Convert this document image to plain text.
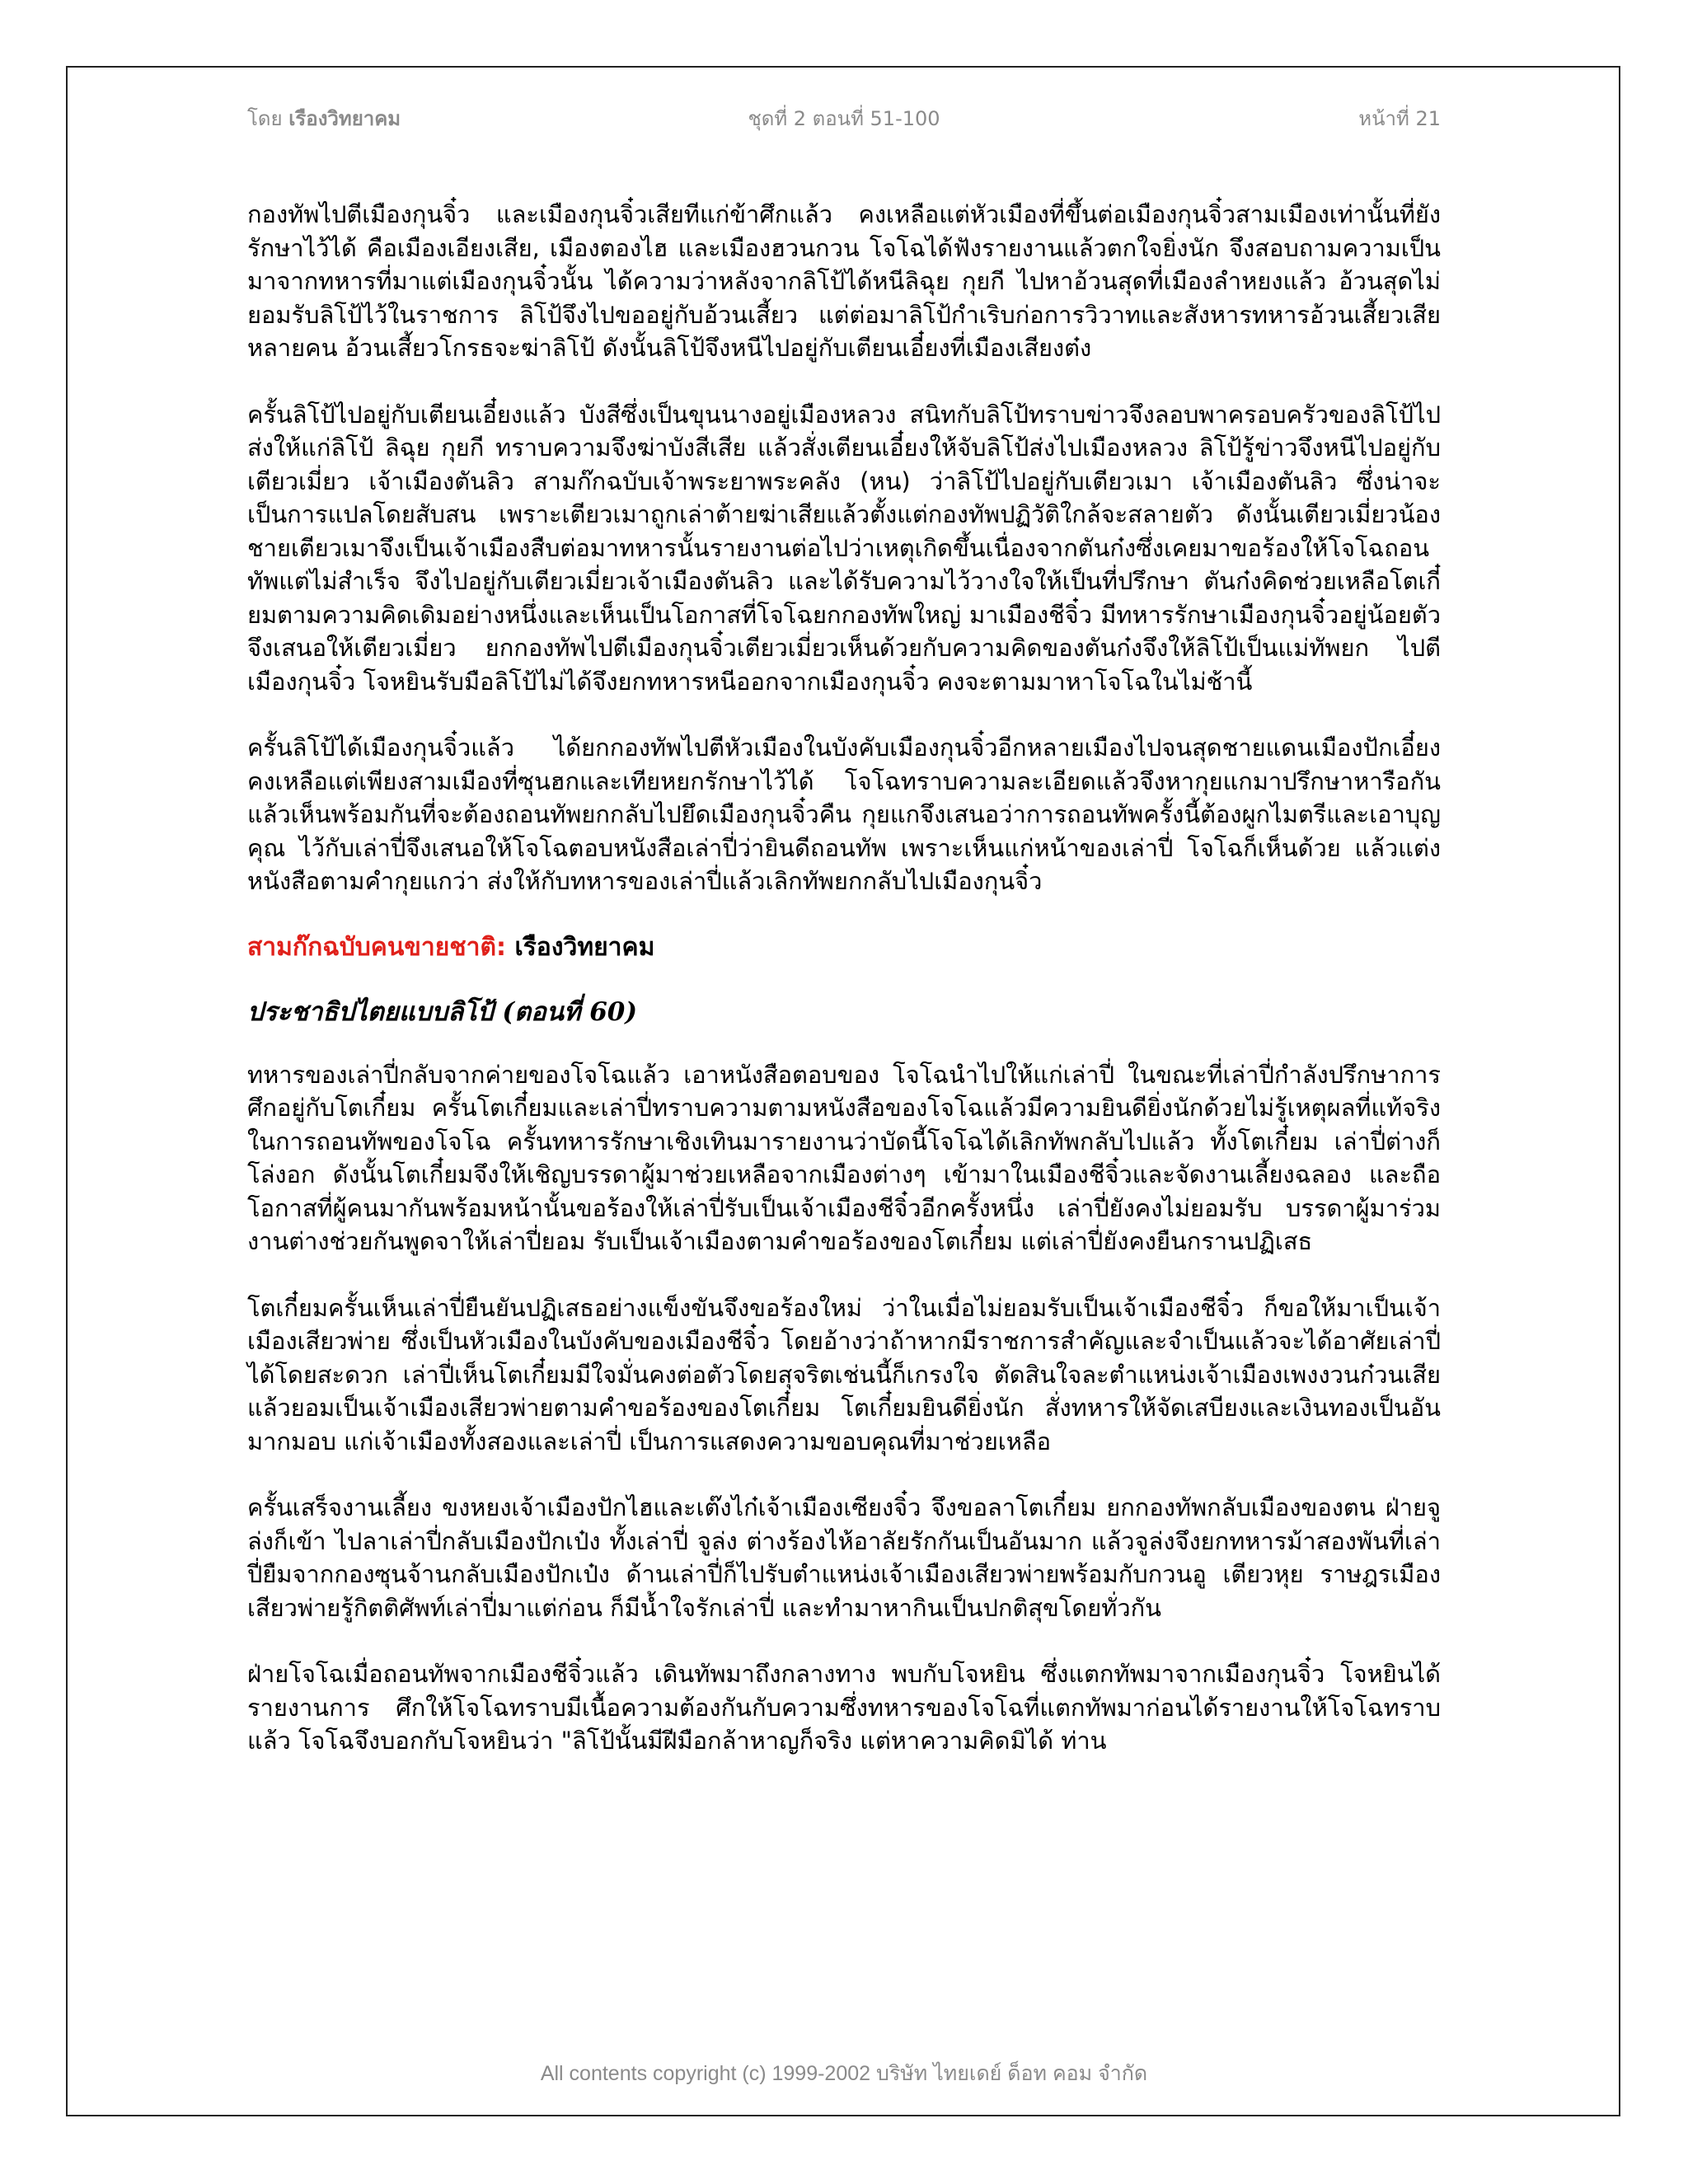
โดย เรืองวิทยาคม	ชุดที่ 2 ตอนที่ 51-100	หน้าที่ 21

กองทัพไปตีเมืองกุนจิ๋ว และเมืองกุนจิ๋วเสียทีแก่ข้าศึกแล้ว คงเหลือแต่หัวเมืองที่ขึ้นต่อเมืองกุนจิ๋วสามเมืองเท่านั้นที่ยังรักษาไว้ได้ คือเมืองเอียงเสีย, เมืองตองไฮ และเมืองฮวนกวน โจโฉได้ฟังรายงานแล้วตกใจยิ่งนัก จึงสอบถามความเป็นมาจากทหารที่มาแต่เมืองกุนจิ๋วนั้น ได้ความว่าหลังจากลิโป้ได้หนีลิฉุย กุยกี ไปหาอ้วนสุดที่เมืองลำหยงแล้ว อ้วนสุดไม่ยอมรับลิโป้ไว้ในราชการ ลิโป้จึงไปขออยู่กับอ้วนเสี้ยว แต่ต่อมาลิโป้กำเริบก่อการวิวาทและสังหารทหารอ้วนเสี้ยวเสียหลายคน อ้วนเสี้ยวโกรธจะฆ่าลิโป้ ดังนั้นลิโป้จึงหนีไปอยู่กับเตียนเอี๋ยงที่เมืองเสียงต๋ง

ครั้นลิโป้ไปอยู่กับเตียนเอี๋ยงแล้ว บังสีซึ่งเป็นขุนนางอยู่เมืองหลวง สนิทกับลิโป้ทราบข่าวจึงลอบพาครอบครัวของลิโป้ไปส่งให้แก่ลิโป้ ลิฉุย กุยกี ทราบความจึงฆ่าบังสีเสีย แล้วสั่งเตียนเอี๋ยงให้จับลิโป้ส่งไปเมืองหลวง ลิโป้รู้ข่าวจึงหนีไปอยู่กับเตียวเมี่ยว เจ้าเมืองตันลิว สามก๊กฉบับเจ้าพระยาพระคลัง (หน) ว่าลิโป้ไปอยู่กับเตียวเมา เจ้าเมืองตันลิว ซึ่งน่าจะเป็นการแปลโดยสับสน เพราะเตียวเมาถูกเล่าต้ายฆ่าเสียแล้วตั้งแต่กองทัพปฏิวัติใกล้จะสลายตัว ดังนั้นเตียวเมี่ยวน้องชายเตียวเมาจึงเป็นเจ้าเมืองสืบต่อมาทหารนั้นรายงานต่อไปว่าเหตุเกิดขึ้นเนื่องจากตันก๋งซึ่งเคยมาขอร้องให้โจโฉถอนทัพแต่ไม่สำเร็จ จึงไปอยู่กับเตียวเมี่ยวเจ้าเมืองตันลิว และได้รับความไว้วางใจให้เป็นที่ปรึกษา ตันก๋งคิดช่วยเหลือโตเกี๋ยมตามความคิดเดิมอย่างหนึ่งและเห็นเป็นโอกาสที่โจโฉยกกองทัพใหญ่ มาเมืองชีจิ๋ว มีทหารรักษาเมืองกุนจิ๋วอยู่น้อยตัว จึงเสนอให้เตียวเมี่ยว ยกกองทัพไปตีเมืองกุนจิ๋วเตียวเมี่ยวเห็นด้วยกับความคิดของตันก๋งจึงให้ลิโป้เป็นแม่ทัพยก ไปตีเมืองกุนจิ๋ว โจหยินรับมือลิโป้ไม่ได้จึงยกทหารหนีออกจากเมืองกุนจิ๋ว คงจะตามมาหาโจโฉในไม่ช้านี้

ครั้นลิโป้ได้เมืองกุนจิ๋วแล้ว ได้ยกกองทัพไปตีหัวเมืองในบังคับเมืองกุนจิ๋วอีกหลายเมืองไปจนสุดชายแดนเมืองปักเอี๋ยง คงเหลือแต่เพียงสามเมืองที่ซุนฮกและเทียหยกรักษาไว้ได้ โจโฉทราบความละเอียดแล้วจึงหากุยแกมาปรึกษาหารือกันแล้วเห็นพร้อมกันที่จะต้องถอนทัพยกกลับไปยึดเมืองกุนจิ๋วคืน กุยแกจึงเสนอว่าการถอนทัพครั้งนี้ต้องผูกไมตรีและเอาบุญคุณ ไว้กับเล่าปี่จึงเสนอให้โจโฉตอบหนังสือเล่าปี่ว่ายินดีถอนทัพ เพราะเห็นแก่หน้าของเล่าปี่ โจโฉก็เห็นด้วย แล้วแต่งหนังสือตามคำกุยแกว่า ส่งให้กับทหารของเล่าปี่แล้วเลิกทัพยกกลับไปเมืองกุนจิ๋ว

สามก๊กฉบับคนขายชาติ: เรืองวิทยาคม
ประชาธิปไตยแบบลิโป้ (ตอนที่ 60)

ทหารของเล่าปี่กลับจากค่ายของโจโฉแล้ว เอาหนังสือตอบของ โจโฉนำไปให้แก่เล่าปี่ ในขณะที่เล่าปี่กำลังปรึกษาการศึกอยู่กับโตเกี๋ยม ครั้นโตเกี๋ยมและเล่าปี่ทราบความตามหนังสือของโจโฉแล้วมีความยินดียิ่งนักด้วยไม่รู้เหตุผลที่แท้จริงในการถอนทัพของโจโฉ ครั้นทหารรักษาเชิงเทินมารายงานว่าบัดนี้โจโฉได้เลิกทัพกลับไปแล้ว ทั้งโตเกี๋ยม เล่าปี่ต่างก็โล่งอก ดังนั้นโตเกี๋ยมจึงให้เชิญบรรดาผู้มาช่วยเหลือจากเมืองต่างๆ เข้ามาในเมืองชีจิ๋วและจัดงานเลี้ยงฉลอง และถือโอกาสที่ผู้คนมากันพร้อมหน้านั้นขอร้องให้เล่าปี่รับเป็นเจ้าเมืองชีจิ๋วอีกครั้งหนึ่ง เล่าปี่ยังคงไม่ยอมรับ บรรดาผู้มาร่วมงานต่างช่วยกันพูดจาให้เล่าปี่ยอม รับเป็นเจ้าเมืองตามคำขอร้องของโตเกี๋ยม แต่เล่าปี่ยังคงยืนกรานปฏิเสธ

โตเกี๋ยมครั้นเห็นเล่าปี่ยืนยันปฏิเสธอย่างแข็งขันจึงขอร้องใหม่ ว่าในเมื่อไม่ยอมรับเป็นเจ้าเมืองชีจิ๋ว ก็ขอให้มาเป็นเจ้าเมืองเสียวพ่าย ซึ่งเป็นหัวเมืองในบังคับของเมืองชีจิ๋ว โดยอ้างว่าถ้าหากมีราชการสำคัญและจำเป็นแล้วจะได้อาศัยเล่าปี่ได้โดยสะดวก เล่าปี่เห็นโตเกี๋ยมมีใจมั่นคงต่อตัวโดยสุจริตเช่นนี้ก็เกรงใจ ตัดสินใจละตำแหน่งเจ้าเมืองเพงงวนก๋วนเสียแล้วยอมเป็นเจ้าเมืองเสียวพ่ายตามคำขอร้องของโตเกี๋ยม โตเกี๋ยมยินดียิ่งนัก สั่งทหารให้จัดเสบียงและเงินทองเป็นอันมากมอบ แก่เจ้าเมืองทั้งสองและเล่าปี่ เป็นการแสดงความขอบคุณที่มาช่วยเหลือ

ครั้นเสร็จงานเลี้ยง ขงหยงเจ้าเมืองปักไฮและเต๊งไก๋เจ้าเมืองเซียงจิ๋ว จึงขอลาโตเกี๋ยม ยกกองทัพกลับเมืองของตน ฝ่ายจูล่งก็เข้า ไปลาเล่าปี่กลับเมืองปักเป๋ง ทั้งเล่าปี่ จูล่ง ต่างร้องไห้อาลัยรักกันเป็นอันมาก แล้วจูล่งจึงยกทหารม้าสองพันที่เล่าปี่ยืมจากกองซุนจ้านกลับเมืองปักเป๋ง ด้านเล่าปี่ก็ไปรับตำแหน่งเจ้าเมืองเสียวพ่ายพร้อมกับกวนอู เตียวหุย ราษฎรเมืองเสียวพ่ายรู้กิตติศัพท์เล่าปี่มาแต่ก่อน ก็มีน้ำใจรักเล่าปี่ และทำมาหากินเป็นปกติสุขโดยทั่วกัน

ฝ่ายโจโฉเมื่อถอนทัพจากเมืองชีจิ๋วแล้ว เดินทัพมาถึงกลางทาง พบกับโจหยิน ซึ่งแตกทัพมาจากเมืองกุนจิ๋ว โจหยินได้รายงานการ ศึกให้โจโฉทราบมีเนื้อความต้องกันกับความซึ่งทหารของโจโฉที่แตกทัพมาก่อนได้รายงานให้โจโฉทราบแล้ว โจโฉจึงบอกกับโจหยินว่า "ลิโป้นั้นมีฝีมือกล้าหาญก็จริง แต่หาความคิดมิได้ ท่าน

All contents copyright (c) 1999-2002 บริษัท ไทยเดย์ ด็อท คอม จำกัด
